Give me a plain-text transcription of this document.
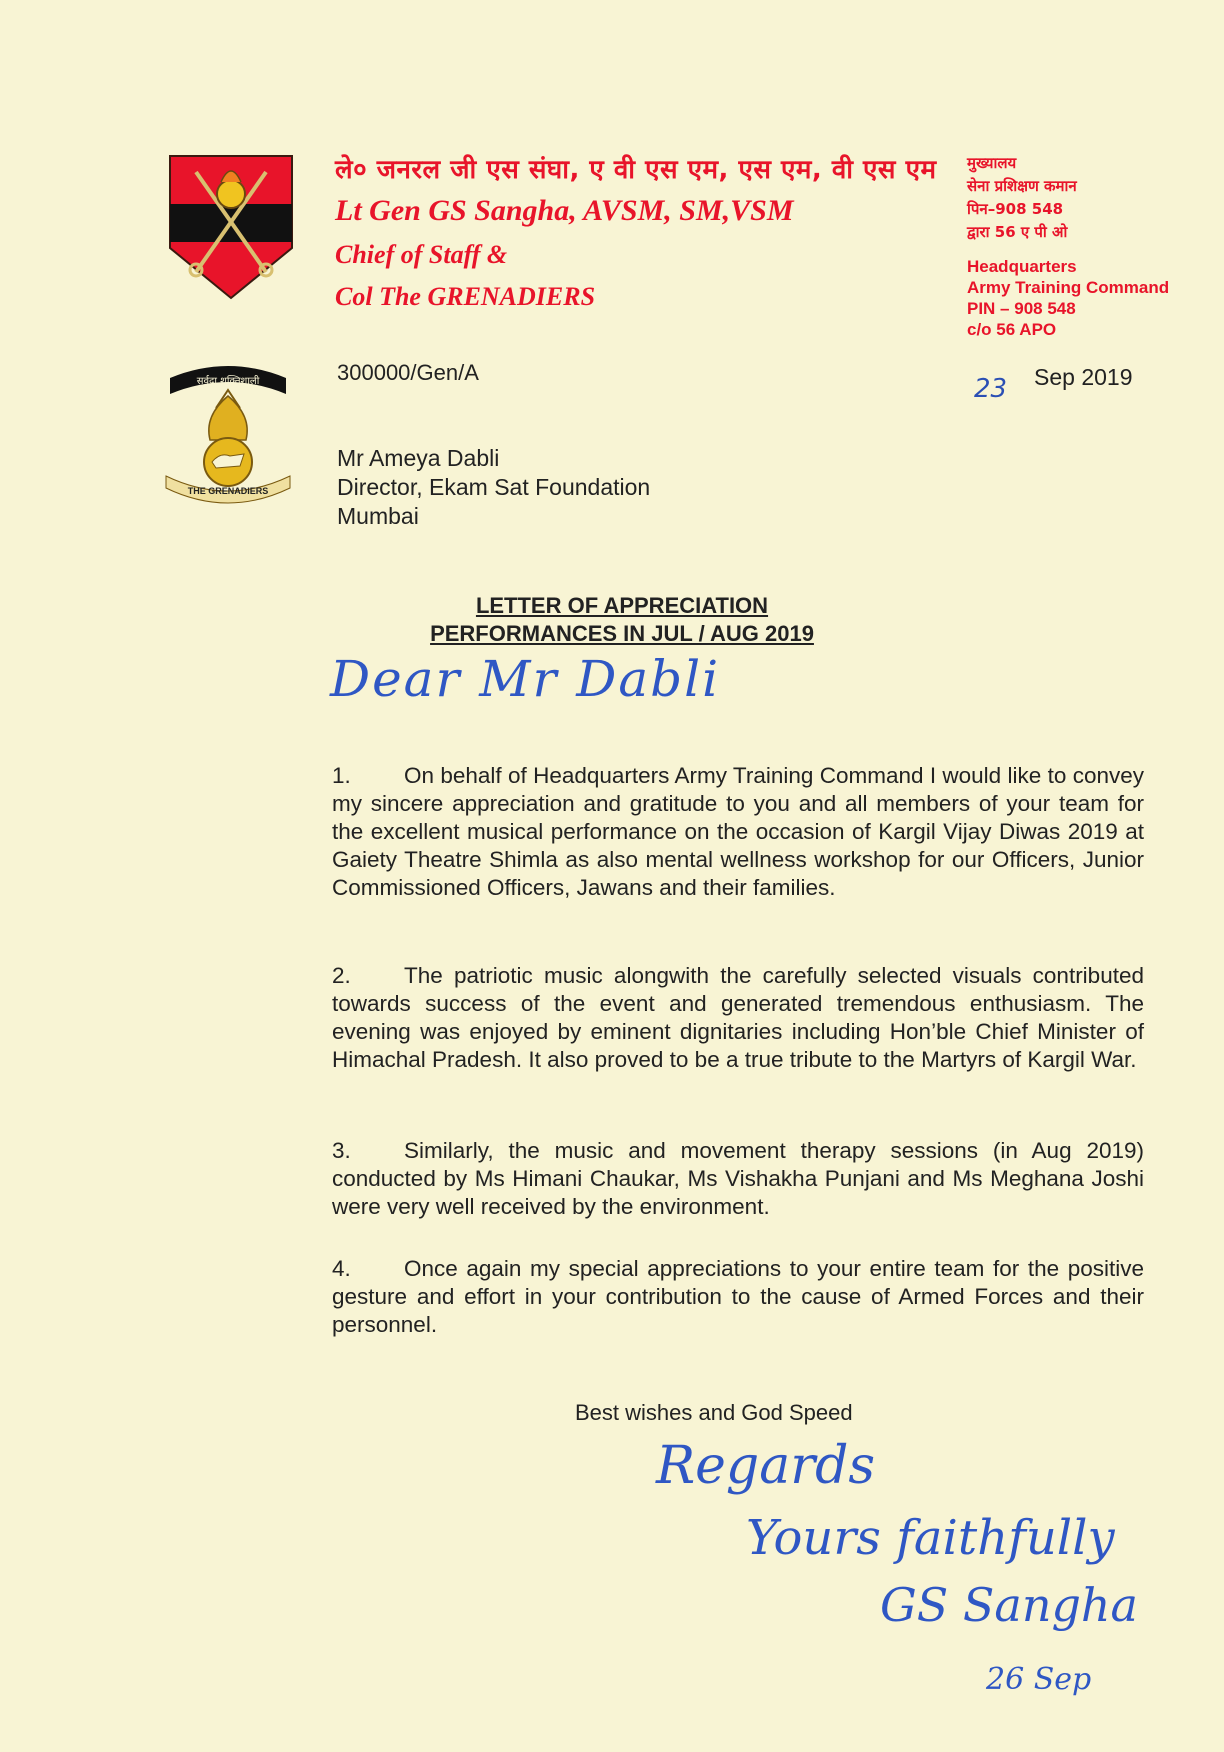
सर्वदा शक्तिशाली
THE GRENADIERS
ले० जनरल जी एस संघा, ए वी एस एम, एस एम, वी एस एम
Lt Gen GS Sangha, AVSM, SM,VSM
Chief of Staff &
Col The GRENADIERS
मुख्यालय
सेना प्रशिक्षण कमान
पिन–908 548
द्वारा 56 ए पी ओ
Headquarters
Army Training Command
PIN – 908 548
c/o 56 APO
300000/Gen/A
23 Sep 2019
Mr Ameya Dabli
Director, Ekam Sat Foundation
Mumbai
LETTER OF APPRECIATION
PERFORMANCES IN JUL / AUG 2019
Dear Mr Dabli
1. On behalf of Headquarters Army Training Command I would like to convey my sincere appreciation and gratitude to you and all members of your team for the excellent musical performance on the occasion of Kargil Vijay Diwas 2019 at Gaiety Theatre Shimla as also mental wellness workshop for our Officers, Junior Commissioned Officers, Jawans and their families.
2. The patriotic music alongwith the carefully selected visuals contributed towards success of the event and generated tremendous enthusiasm. The evening was enjoyed by eminent dignitaries including Hon’ble Chief Minister of Himachal Pradesh. It also proved to be a true tribute to the Martyrs of Kargil War.
3. Similarly, the music and movement therapy sessions (in Aug 2019) conducted by Ms Himani Chaukar, Ms Vishakha Punjani and Ms Meghana Joshi were very well received by the environment.
4. Once again my special appreciations to your entire team for the positive gesture and effort in your contribution to the cause of Armed Forces and their personnel.
Best wishes and God Speed
Regards
Yours faithfully
GS Sangha
26 Sep
